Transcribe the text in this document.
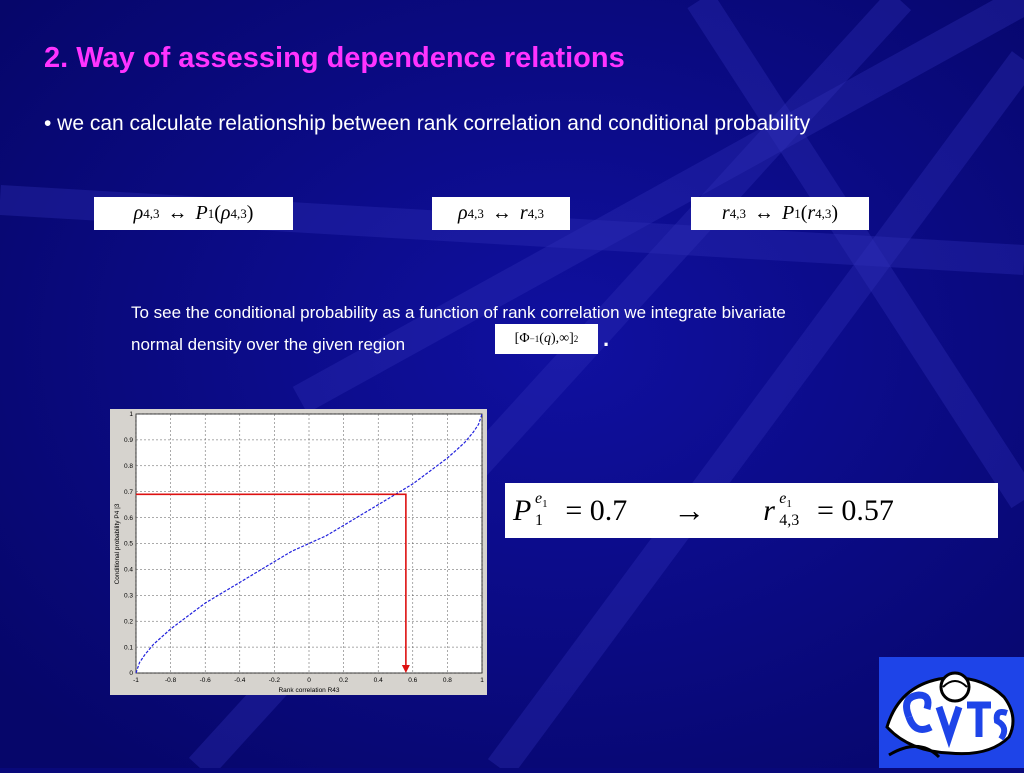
2. Way of assessing dependence relations
• we can calculate relationship between rank correlation and conditional probability
ρ 4,3 ↔ P 1 ( ρ 4,3 )	ρ 4,3 ↔ r 4,3	r 4,3 ↔ P 1 ( r 4,3 )
To see the conditional probability as a function of rank correlation we integrate bivariate
normal density over the given region	[ Φ −1 ( q ) ,∞] 2 .
-1	-0.8	-0.6	-0.4	-0.2	0	0.2	0.4	0.6	0.8	1
0
0.1
0.2
0.3
0.4
0.5
0.6
0.7
0.8
0.9
1
Rank correlation R43
Conditional probability P4 |3	P $e_1$
1 = 0.7 → r $e_1$
4,3 = 0.57
